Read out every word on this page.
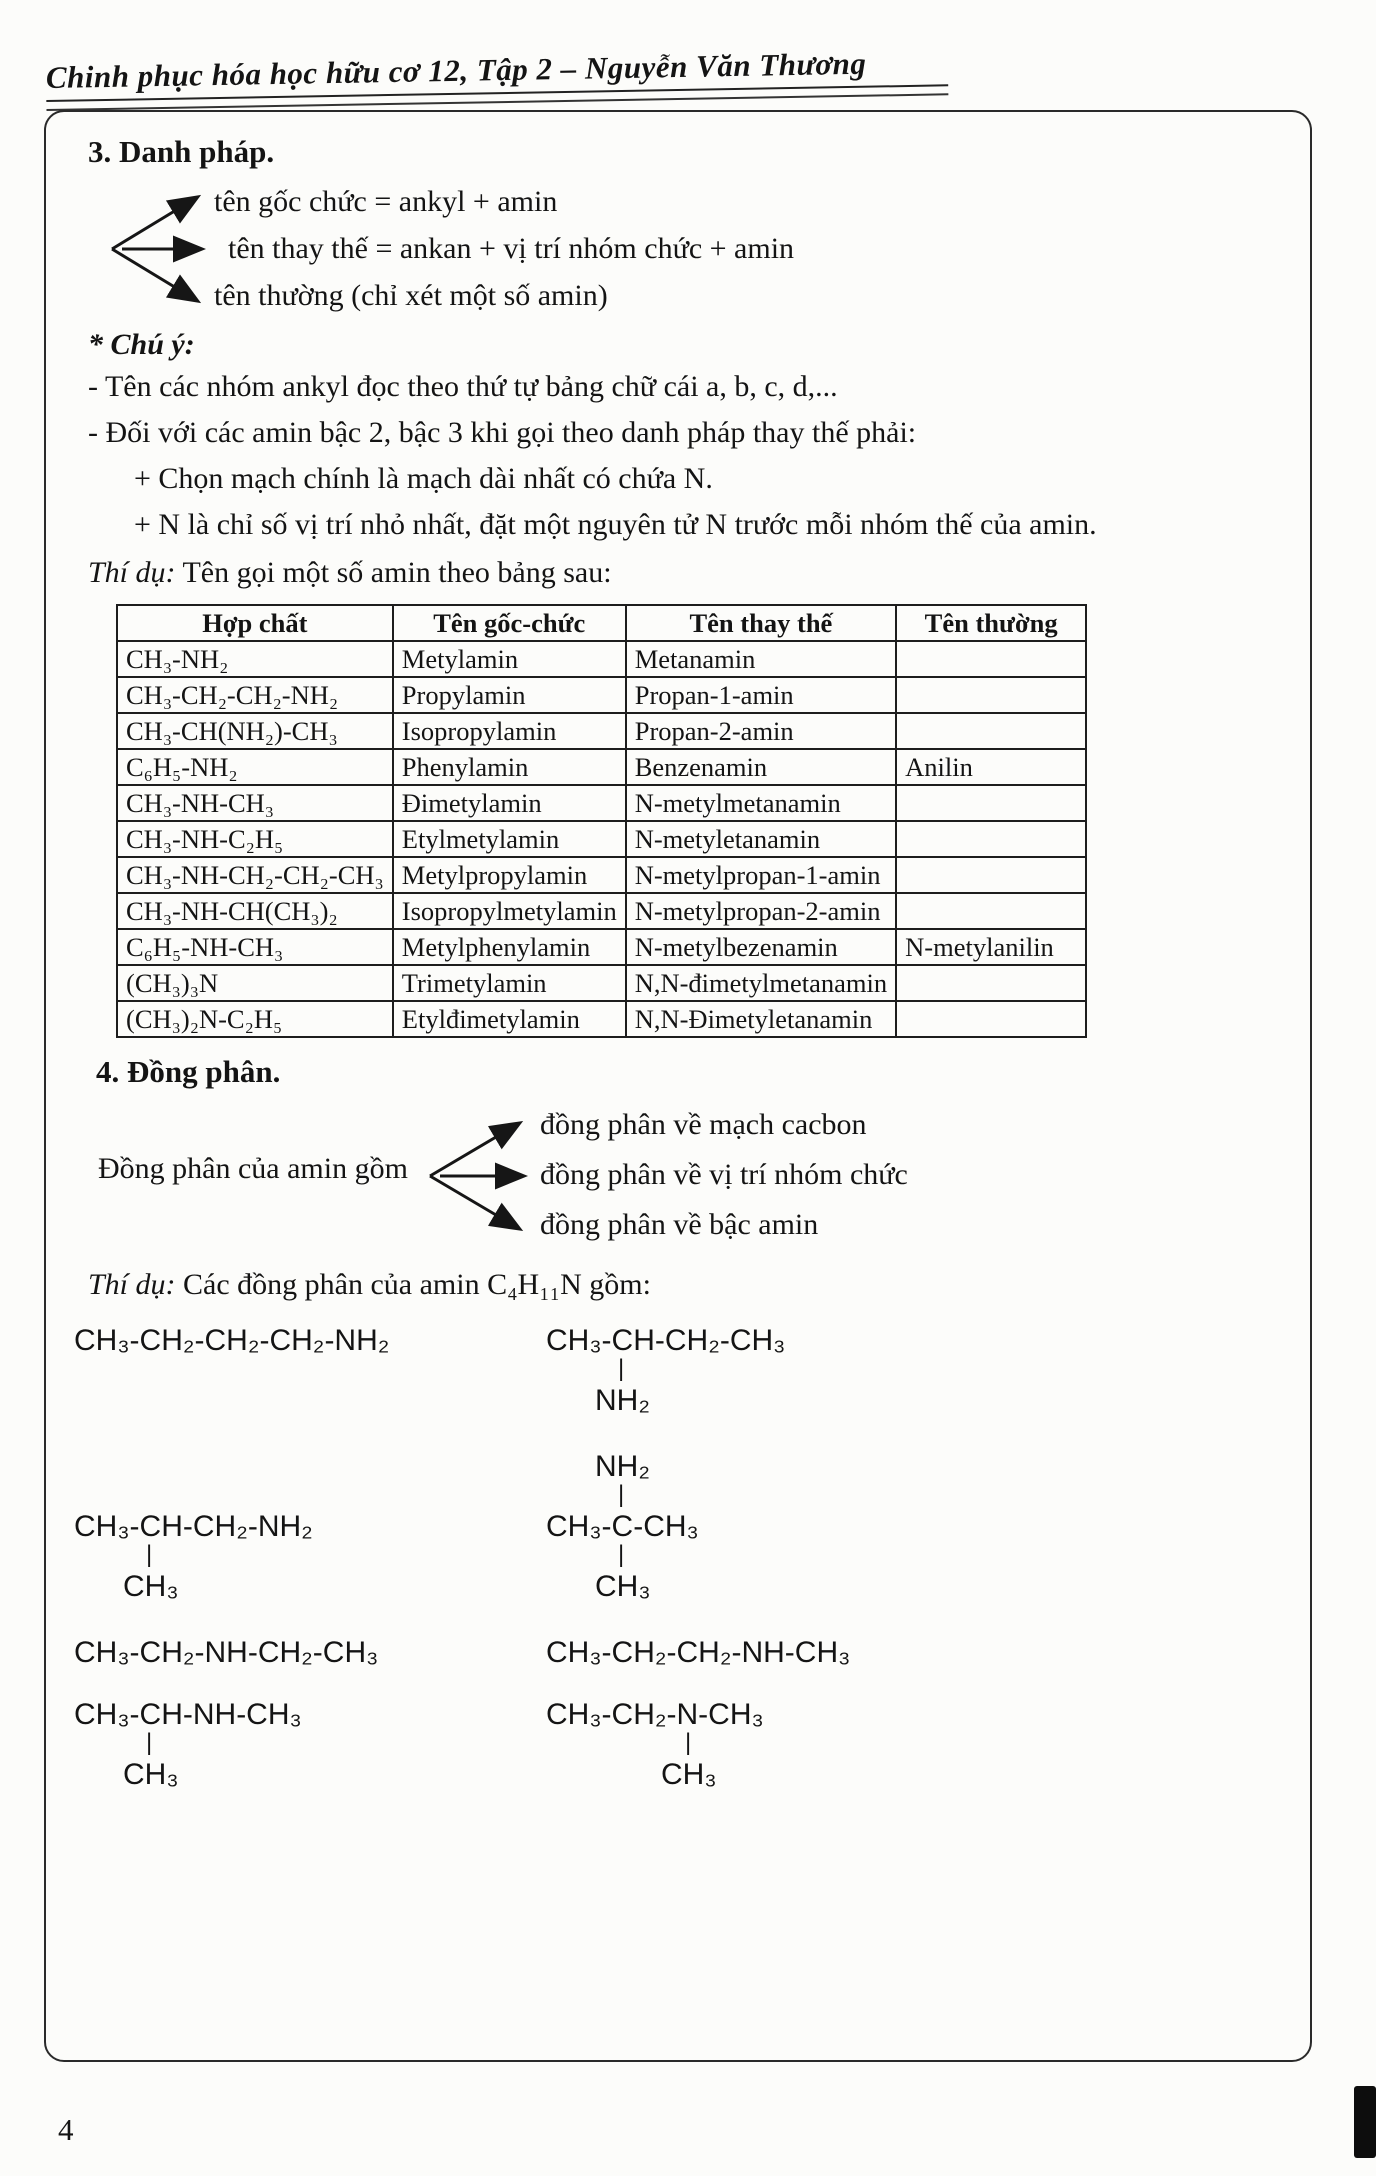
Chinh phục hóa học hữu cơ 12, Tập 2 – Nguyễn Văn Thương
3. Danh pháp.
tên gốc chức = ankyl + amin
tên thay thế = ankan + vị trí nhóm chức + amin
tên thường (chỉ xét một số amin)
* Chú ý:
- Tên các nhóm ankyl đọc theo thứ tự bảng chữ cái a, b, c, d,...
- Đối với các amin bậc 2, bậc 3 khi gọi theo danh pháp thay thế phải:
+ Chọn mạch chính là mạch dài nhất có chứa N.
+ N là chỉ số vị trí nhỏ nhất, đặt một nguyên tử N trước mỗi nhóm thế của amin.
Thí dụ: Tên gọi một số amin theo bảng sau:
Hợp chất	Tên gốc-chức	Tên thay thế	Tên thường
CH₃-NH₂	Metylamin	Metanamin	
CH₃-CH₂-CH₂-NH₂	Propylamin	Propan-1-amin	
CH₃-CH(NH₂)-CH₃	Isopropylamin	Propan-2-amin	
C₆H₅-NH₂	Phenylamin	Benzenamin	Anilin
CH₃-NH-CH₃	Đimetylamin	N-metylmetanamin	
CH₃-NH-C₂H₅	Etylmetylamin	N-metyletanamin	
CH₃-NH-CH₂-CH₂-CH₃	Metylpropylamin	N-metylpropan-1-amin	
CH₃-NH-CH(CH₃)₂	Isopropylmetylamin	N-metylpropan-2-amin	
C₆H₅-NH-CH₃	Metylphenylamin	N-metylbezenamin	N-metylanilin
(CH₃)₃N	Trimetylamin	N,N-đimetylmetanamin	
(CH₃)₂N-C₂H₅	Etylđimetylamin	N,N-Đimetyletanamin	
4. Đồng phân.
Đồng phân của amin gồm
đồng phân về mạch cacbon
đồng phân về vị trí nhóm chức
đồng phân về bậc amin
Thí dụ: Các đồng phân của amin C₄H₁₁N gồm:
CH₃-CH₂-CH₂-CH₂-NH₂	CH₃-CH-CH₂-CH₃
|
NH₂
CH₃-CH-CH₂-NH₂
|
CH₃
NH₂
|
CH₃-C-CH₃
|
CH₃
CH₃-CH₂-NH-CH₂-CH₃	CH₃-CH₂-CH₂-NH-CH₃
CH₃-CH-NH-CH₃
|
CH₃
CH₃-CH₂-N-CH₃
|
CH₃
4
